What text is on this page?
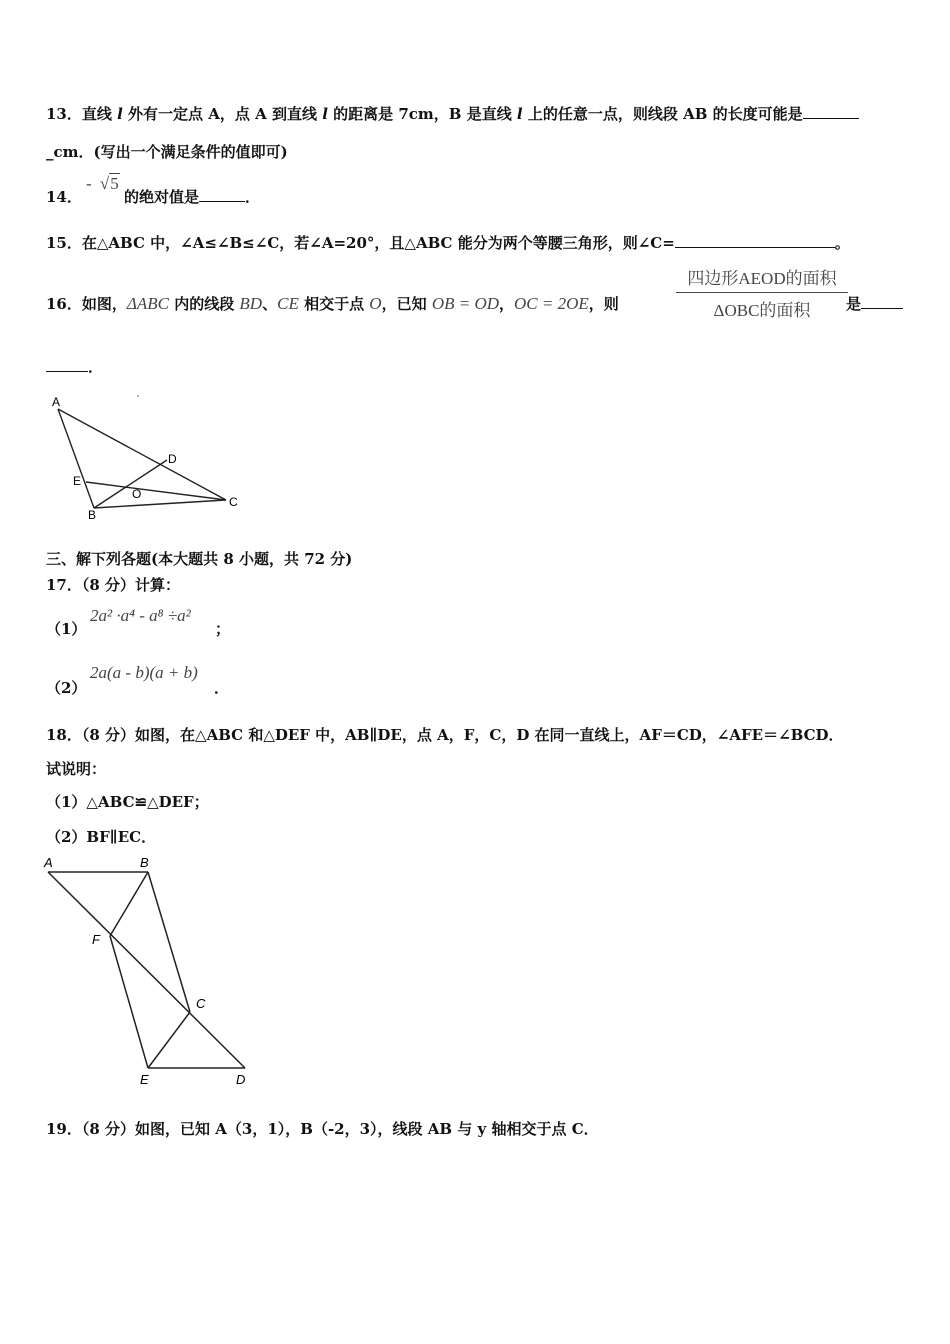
13．直线 l 外有一定点 A，点 A 到直线 l 的距离是 7cm，B 是直线 l 上的任意一点，则线段 AB 的长度可能是
_cm．(写出一个满足条件的值即可)
14．
- √5
的绝对值是	．
15．在△ABC 中，∠A≤∠B≤∠C，若∠A=20°，且△ABC 能分为两个等腰三角形，则∠C=	。
16．如图，ΔABC 内的线段 BD、CE 相交于点 O，已知 OB = OD，OC = 2OE，则
四边形AEOD的面积
ΔOBC的面积	是
．
A
D
E
O
B
C
三、解下列各题(本大题共 8 小题，共 72 分)
17．（8 分）计算：
（1）
2a² ·a⁴ - a⁸ ÷a²
；
（2）
2a(a - b)(a + b)
．
18．（8 分）如图，在△ABC 和△DEF 中，AB∥DE，点 A，F，C，D 在同一直线上，AF＝CD，∠AFE＝∠BCD．
试说明：
（1）△ABC≌△DEF；
（2）BF∥EC．
A	B
F
C
E	D
19．（8 分）如图，已知 A（3，1），B（-2，3），线段 AB 与 y 轴相交于点 C．
